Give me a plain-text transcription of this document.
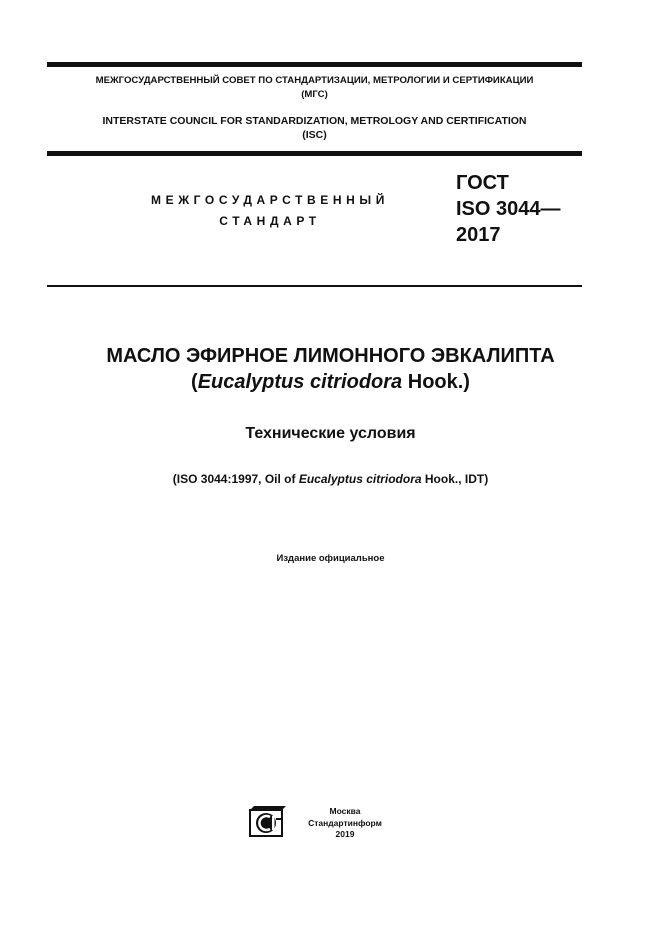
МЕЖГОСУДАРСТВЕННЫЙ СОВЕТ ПО СТАНДАРТИЗАЦИИ, МЕТРОЛОГИИ И СЕРТИФИКАЦИИ
(МГС)
INTERSTATE COUNCIL FOR STANDARDIZATION, METROLOGY AND CERTIFICATION
(ISC)
МЕЖГОСУДАРСТВЕННЫЙ
СТАНДАРТ
ГОСТ
ISO 3044—
2017
МАСЛО ЭФИРНОЕ ЛИМОННОГО ЭВКАЛИПТА
(Eucalyptus citriodora Hook.)
Технические условия
(ISO 3044:1997, Oil of Eucalyptus citriodora Hook., IDT)
Издание официальное
Москва
Стандартинформ
2019
